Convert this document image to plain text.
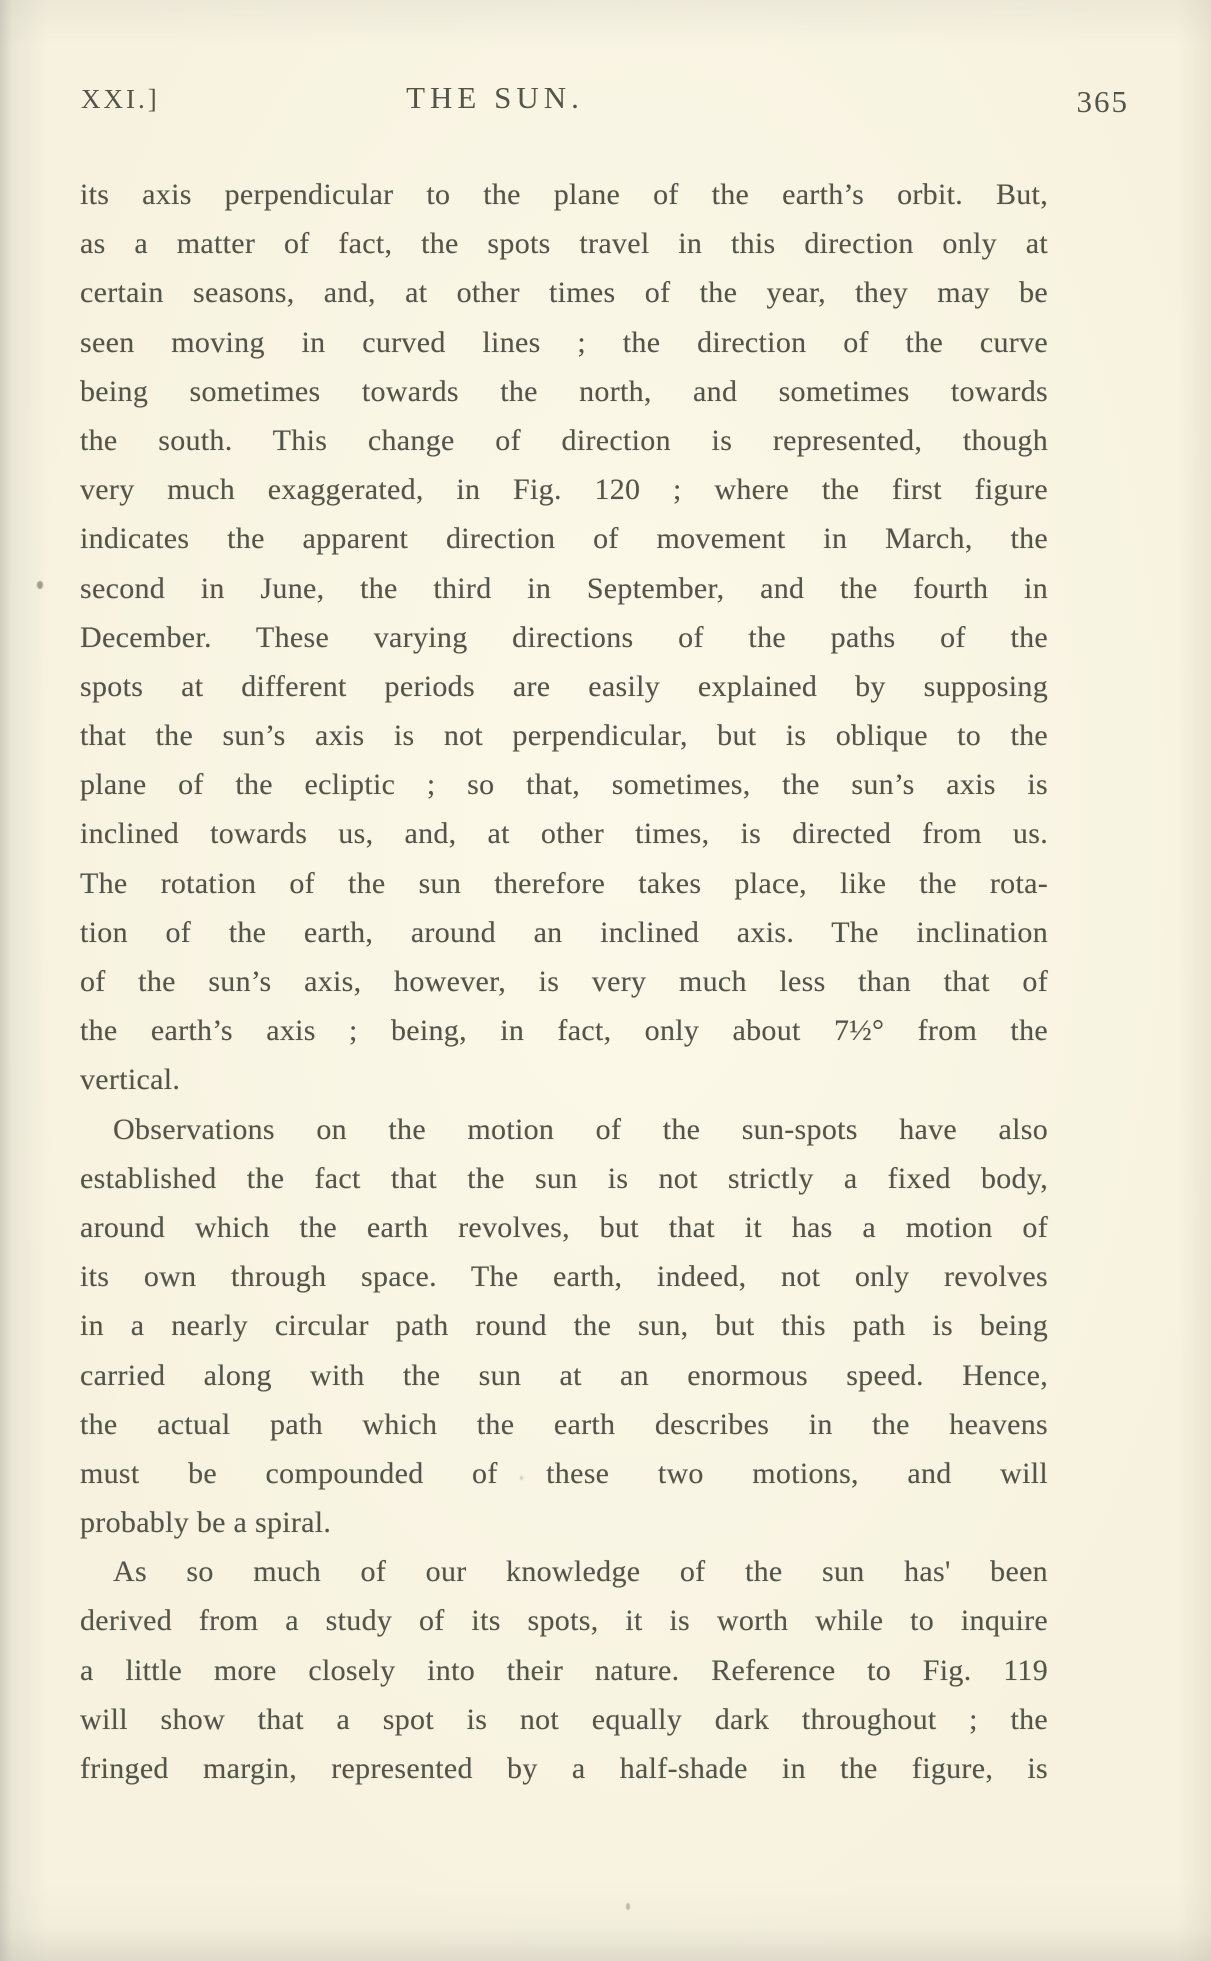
XXI.]	THE SUN.	365
its axis perpendicular to the plane of the earth’s orbit. But,
as a matter of fact, the spots travel in this direction only at
certain seasons, and, at other times of the year, they may be
seen moving in curved lines ; the direction of the curve
being sometimes towards the north, and sometimes towards
the south. This change of direction is represented, though
very much exaggerated, in Fig. 120 ; where the first figure
indicates the apparent direction of movement in March, the
second in June, the third in September, and the fourth in
December. These varying directions of the paths of the
spots at different periods are easily explained by supposing
that the sun’s axis is not perpendicular, but is oblique to the
plane of the ecliptic ; so that, sometimes, the sun’s axis is
inclined towards us, and, at other times, is directed from us.
The rotation of the sun therefore takes place, like the rota-
tion of the earth, around an inclined axis. The inclination
of the sun’s axis, however, is very much less than that of
the earth’s axis ; being, in fact, only about 7½° from the
vertical.
Observations on the motion of the sun-spots have also
established the fact that the sun is not strictly a fixed body,
around which the earth revolves, but that it has a motion of
its own through space. The earth, indeed, not only revolves
in a nearly circular path round the sun, but this path is being
carried along with the sun at an enormous speed. Hence,
the actual path which the earth describes in the heavens
must be compounded of these two motions, and will
probably be a spiral.
As so much of our knowledge of the sun has' been
derived from a study of its spots, it is worth while to inquire
a little more closely into their nature. Reference to Fig. 119
will show that a spot is not equally dark throughout ; the
fringed margin, represented by a half-shade in the figure, is
